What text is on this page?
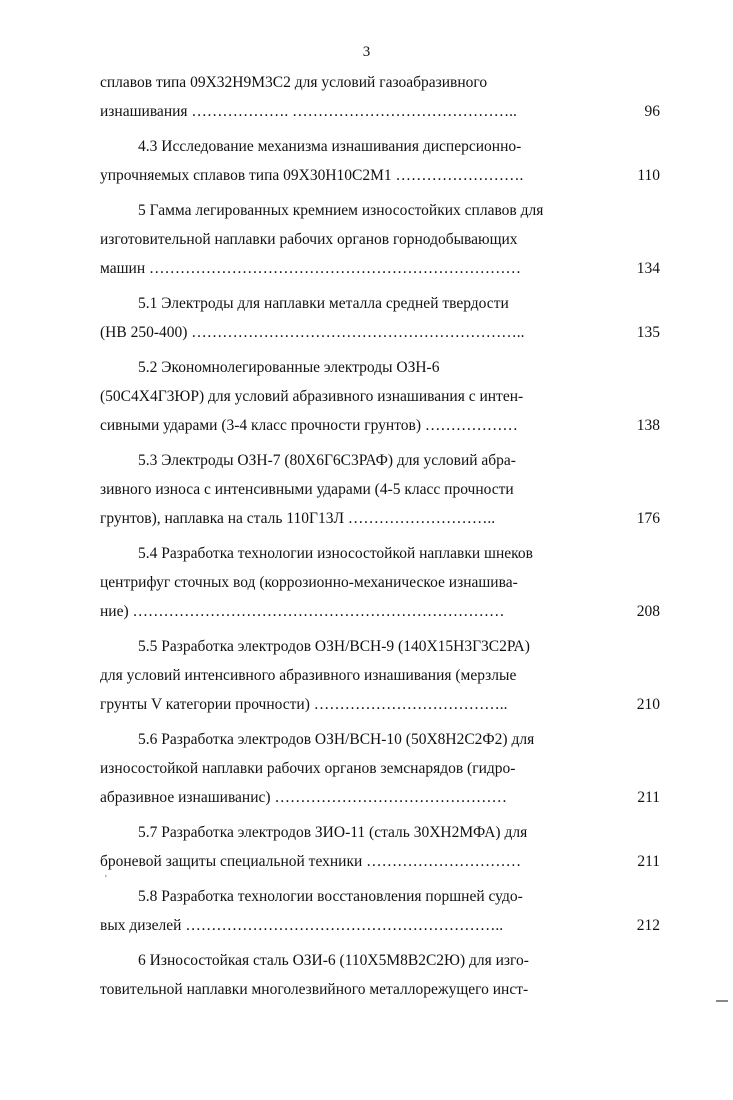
3
сплавов типа 09Х32Н9М3С2 для условий газоабразивного
изнашивания ………………. ……………………………………..	96
4.3 Исследование механизма изнашивания дисперсионно-
упрочняемых сплавов типа 09Х30Н10С2М1 …………………….	110
5 Гамма легированных кремнием износостойких сплавов для
изготовительной наплавки рабочих органов горнодобывающих
машин ………………………………………………………………	134
5.1 Электроды для наплавки металла средней твердости
(НВ 250-400) ………………………………………………………..	135
5.2 Экономнолегированные электроды ОЗН-6
(50С4Х4Г3ЮР) для условий абразивного изнашивания с интен-
сивными ударами (3-4 класс прочности грунтов) ………………	138
5.3 Электроды ОЗН-7 (80Х6Г6С3РАФ) для условий абра-
зивного износа с интенсивными ударами (4-5 класс прочности
грунтов), наплавка на сталь 110Г13Л ………………………..	176
5.4 Разработка технологии износостойкой наплавки шнеков
центрифуг сточных вод (коррозионно-механическое изнашива-
ние) ………………………………………………………………	208
5.5 Разработка электродов ОЗН/ВСН-9 (140Х15Н3Г3С2РА)
для условий интенсивного абразивного изнашивания (мерзлые
грунты V категории прочности) ………………………………..	210
5.6 Разработка электродов ОЗН/ВСН-10 (50Х8Н2С2Ф2) для
износостойкой наплавки рабочих органов земснарядов (гидро-
абразивное изнашиванис) ………………………………………	211
5.7 Разработка электродов ЗИО-11 (сталь 30ХН2МФА) для
броневой защиты специальной техники …………………………	211
5.8 Разработка технологии восстановления поршней судо-
вых дизелей ……………………………………………………..	212
6 Износостойкая сталь ОЗИ-6 (110Х5М8В2С2Ю) для изго-
товительной наплавки многолезвийного металлорежущего инст-
'
